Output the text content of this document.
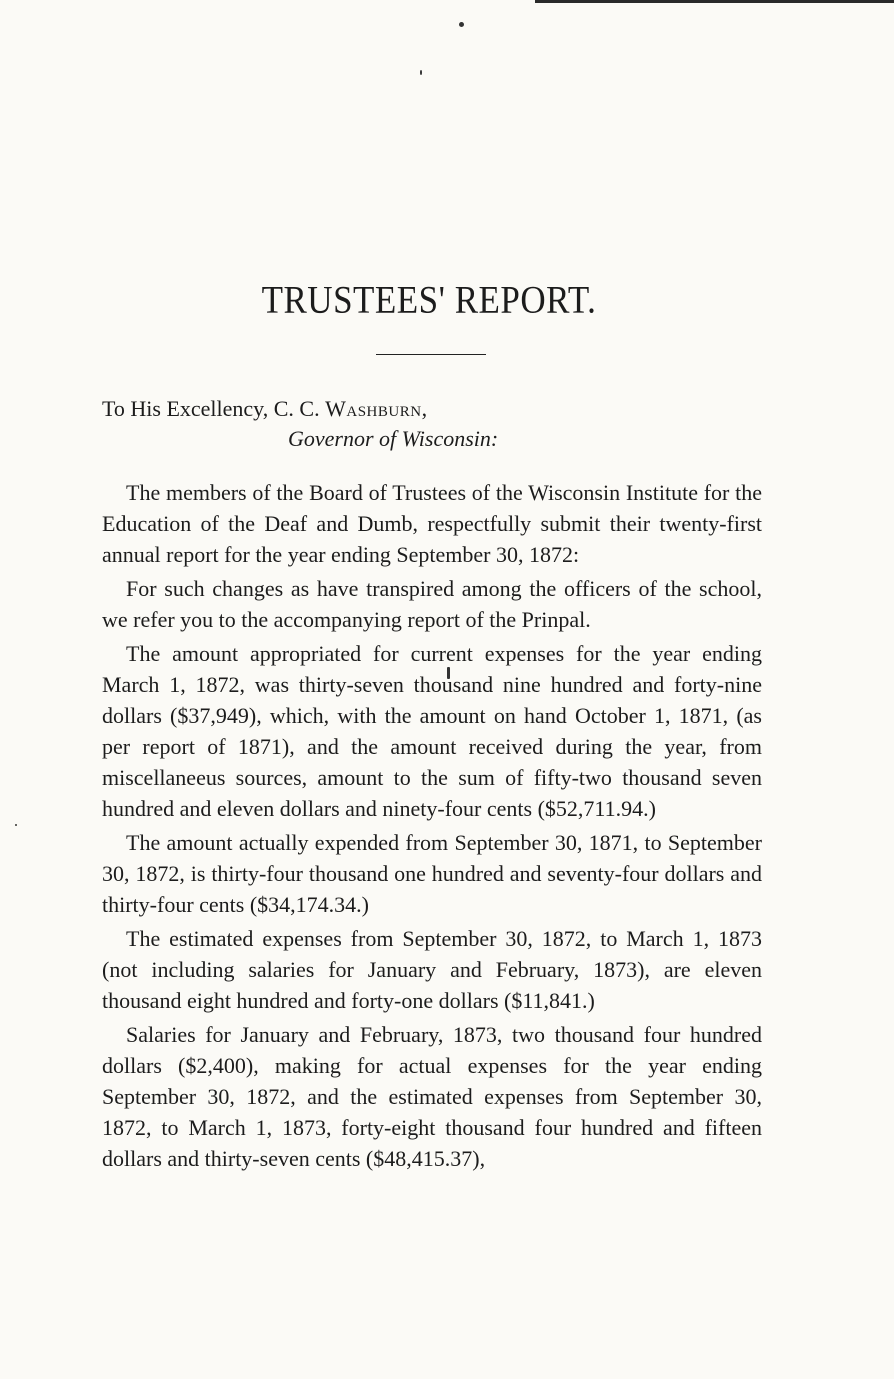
TRUSTEES' REPORT.
To His Excellency, C. C. Washburn,
Governor of Wisconsin:

The members of the Board of Trustees of the Wisconsin Institute for the Education of the Deaf and Dumb, respectfully submit their twenty-first annual report for the year ending September 30, 1872:

For such changes as have transpired among the officers of the school, we refer you to the accompanying report of the Prinpal.

The amount appropriated for current expenses for the year ending March 1, 1872, was thirty-seven thousand nine hundred and forty-nine dollars ($37,949), which, with the amount on hand October 1, 1871, (as per report of 1871), and the amount received during the year, from miscellaneeus sources, amount to the sum of fifty-two thousand seven hundred and eleven dollars and ninety-four cents ($52,711.94.)

The amount actually expended from September 30, 1871, to September 30, 1872, is thirty-four thousand one hundred and seventy-four dollars and thirty-four cents ($34,174.34.)

The estimated expenses from September 30, 1872, to March 1, 1873 (not including salaries for January and February, 1873), are eleven thousand eight hundred and forty-one dollars ($11,841.)

Salaries for January and February, 1873, two thousand four hundred dollars ($2,400), making for actual expenses for the year ending September 30, 1872, and the estimated expenses from September 30, 1872, to March 1, 1873, forty-eight thousand four hundred and fifteen dollars and thirty-seven cents ($48,415.37),
